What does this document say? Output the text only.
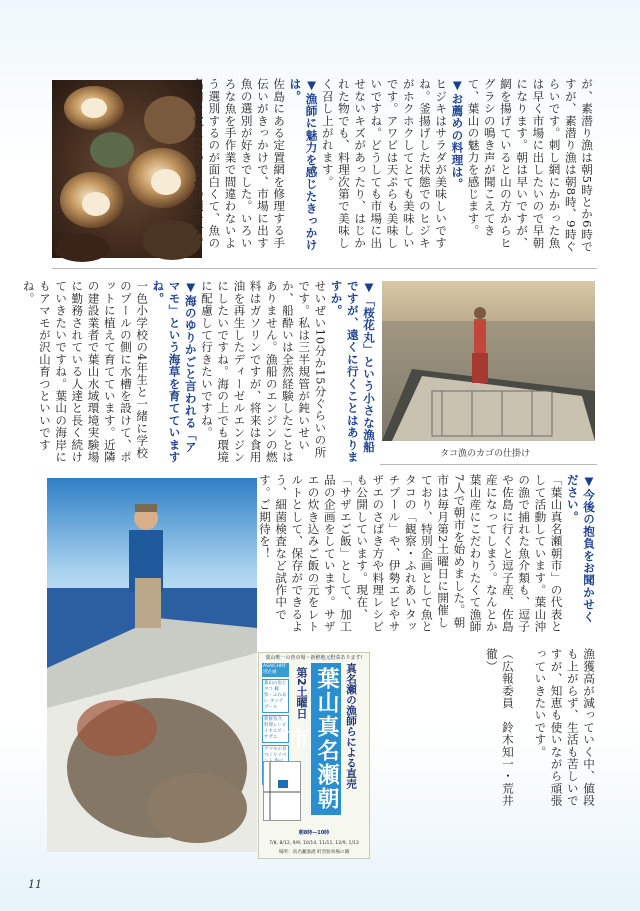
が、素潜り漁は朝5時とか6時ですが、素潜り漁は朝8時、9時ぐらいです。刺し網にかかった魚は早く市場に出したいので早朝になります。朝は早いですが、網を揚げていると山の方からヒグラシの鳴き声が聞こえてきて、葉山の魅力を感じます。
▼お薦めの料理は。
ヒジキはサラダが美味しいですね。釜揚げした状態でのヒジキがホクホクしてとても美味しいです。アワビは天ぷらも美味しいですね。どうしても市場に出せないキズがあったり、はじかれた物でも、料理次第で美味しく召し上がれます。
▼漁師に魅力を感じたきっかけは。
佐島にある定置網を修理する手伝いがきっかけで、市場に出す魚の選別が好きでした。いろいろな魚を手作業で間違わないよう選別するのが面白くて、魚の名前を覚えたのもその頃です。
▼「桜花丸」という小さな漁船ですが、遠くに行くことはありますか。
せいぜい10分か15分ぐらいの所です。私は三半規管が鈍いせいか、船酔いは全然経験したことはありません。漁船のエンジンの燃料はガソリンですが、将来は食用油を再生したディーゼルエンジンにしたいですね。海の上でも環境に配慮して行きたいですね。
▼海のゆりかごと言われる「アマモ」という海草を育てていますね。
一色小学校の4年生と一緒に学校のプールの側に水槽を設けて、ポットに植えて育てています。近隣の建設業者で葉山水域環境実験場に勤務されている人達と長く続けていきたいですね。葉山の海岸にもアマモが沢山育つといいですね。
タコ漁のカゴの仕掛け
▼今後の抱負をお聞かせください。
「葉山真名瀬朝市」の代表として活動しています。葉山沖の漁で捕れた魚介類も、逗子や佐島に行くと逗子産、佐島産になってしまう。なんとか葉山産にこだわりたくて漁師7人で朝市を始めました。朝市は毎月第2土曜日に開催しており、特別企画として魚とタコの「観察・ふれあいタッチプール」や、伊勢エビやサザエのさばき方や料理レシピも公開しています。現在、「サザエご飯」として、加工品の企画をしています。サザエの炊き込みご飯の元をレトルトとして、保存ができるよう、細菌検査など試作中です。ご期待を！
漁獲高が減っていく中、値段も上がらず、生活も苦しいですが、知恵も使いながら頑張っていきたいです。

（広報委員　鈴木知一・荒井徹）
葉山唯一の魚市場・新鮮地元野菜あります!
ASAICHI特別企画
葉山の魚とタコ 観察・ふれあい タッチプール
新鮮魚介、料理レシピ イセエビ・サザエ
アマモの育つくりイベ 葉山真名瀬朝市	真名瀬の漁師らによる直売
第2土曜日
朝8時—10時
7/8, 8/12, 9/9, 10/14, 11/11, 12/9, 1/13
場所：真名瀬漁港 町営駐車場の隣
11
